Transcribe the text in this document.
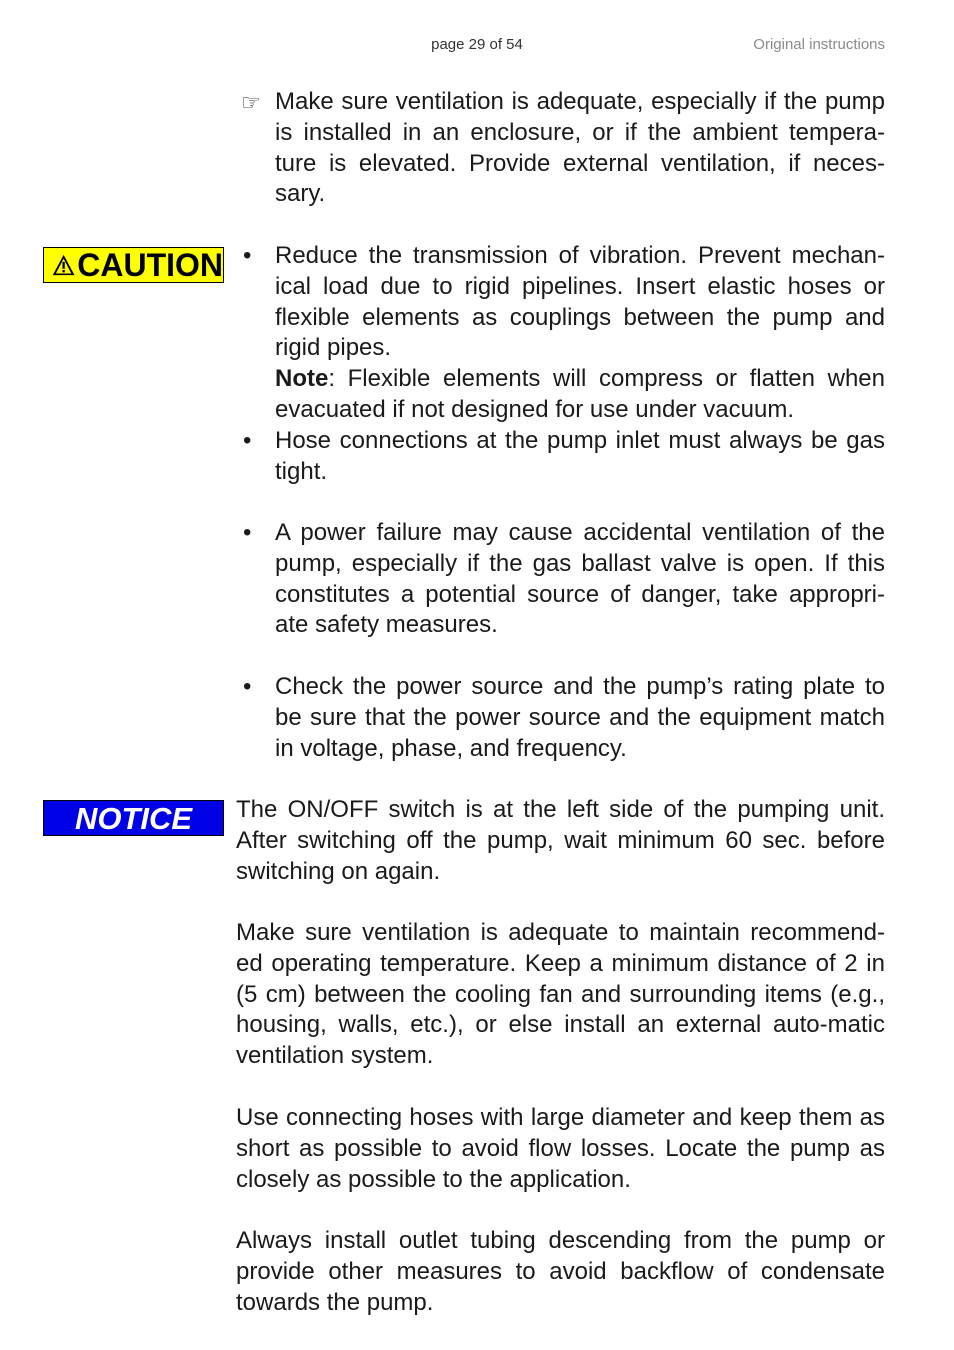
page 29 of 54	Original instructions
☞ Make sure ventilation is adequate, especially if the pump is installed in an enclosure, or if the ambient tempera-ture is elevated. Provide external ventilation, if neces-sary.
CAUTION • Reduce the transmission of vibration. Prevent mechan-ical load due to rigid pipelines. Insert elastic hoses or flexible elements as couplings between the pump and rigid pipes.
Note: Flexible elements will compress or flatten when evacuated if not designed for use under vacuum.
• Hose connections at the pump inlet must always be gas tight.
• A power failure may cause accidental ventilation of the pump, especially if the gas ballast valve is open. If this constitutes a potential source of danger, take appropri-ate safety measures.
• Check the power source and the pump’s rating plate to be sure that the power source and the equipment match in voltage, phase, and frequency.
NOTICE The ON/OFF switch is at the left side of the pumping unit. After switching off the pump, wait minimum 60 sec. before switching on again.

Make sure ventilation is adequate to maintain recommend-ed operating temperature. Keep a minimum distance of 2 in (5 cm) between the cooling fan and surrounding items (e.g., housing, walls, etc.), or else install an external auto-matic ventilation system.

Use connecting hoses with large diameter and keep them as short as possible to avoid flow losses. Locate the pump as closely as possible to the application.

Always install outlet tubing descending from the pump or provide other measures to avoid backflow of condensate towards the pump.
